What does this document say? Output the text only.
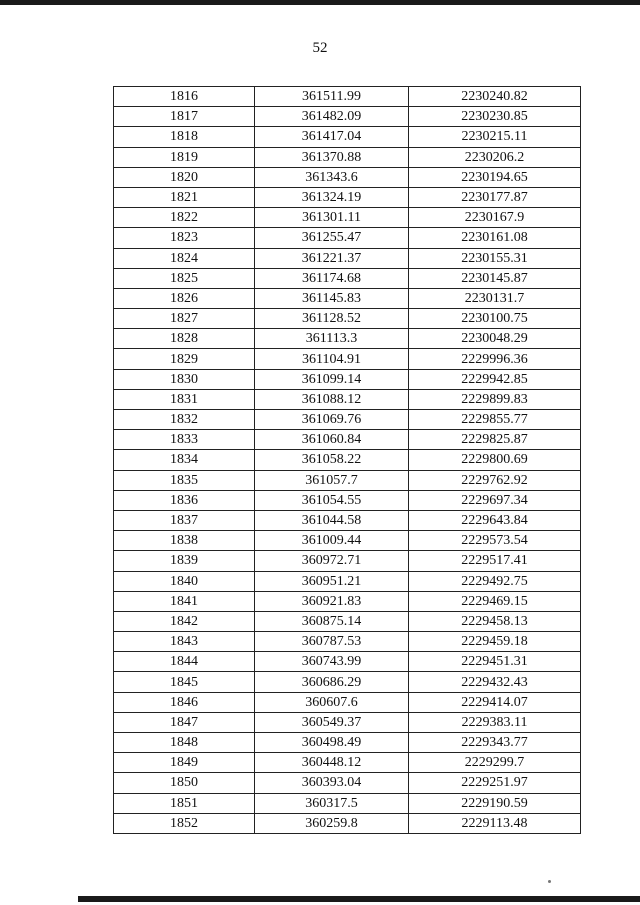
52
1816	361511.99	2230240.82
1817	361482.09	2230230.85
1818	361417.04	2230215.11
1819	361370.88	2230206.2
1820	361343.6	2230194.65
1821	361324.19	2230177.87
1822	361301.11	2230167.9
1823	361255.47	2230161.08
1824	361221.37	2230155.31
1825	361174.68	2230145.87
1826	361145.83	2230131.7
1827	361128.52	2230100.75
1828	361113.3	2230048.29
1829	361104.91	2229996.36
1830	361099.14	2229942.85
1831	361088.12	2229899.83
1832	361069.76	2229855.77
1833	361060.84	2229825.87
1834	361058.22	2229800.69
1835	361057.7	2229762.92
1836	361054.55	2229697.34
1837	361044.58	2229643.84
1838	361009.44	2229573.54
1839	360972.71	2229517.41
1840	360951.21	2229492.75
1841	360921.83	2229469.15
1842	360875.14	2229458.13
1843	360787.53	2229459.18
1844	360743.99	2229451.31
1845	360686.29	2229432.43
1846	360607.6	2229414.07
1847	360549.37	2229383.11
1848	360498.49	2229343.77
1849	360448.12	2229299.7
1850	360393.04	2229251.97
1851	360317.5	2229190.59
1852	360259.8	2229113.48
